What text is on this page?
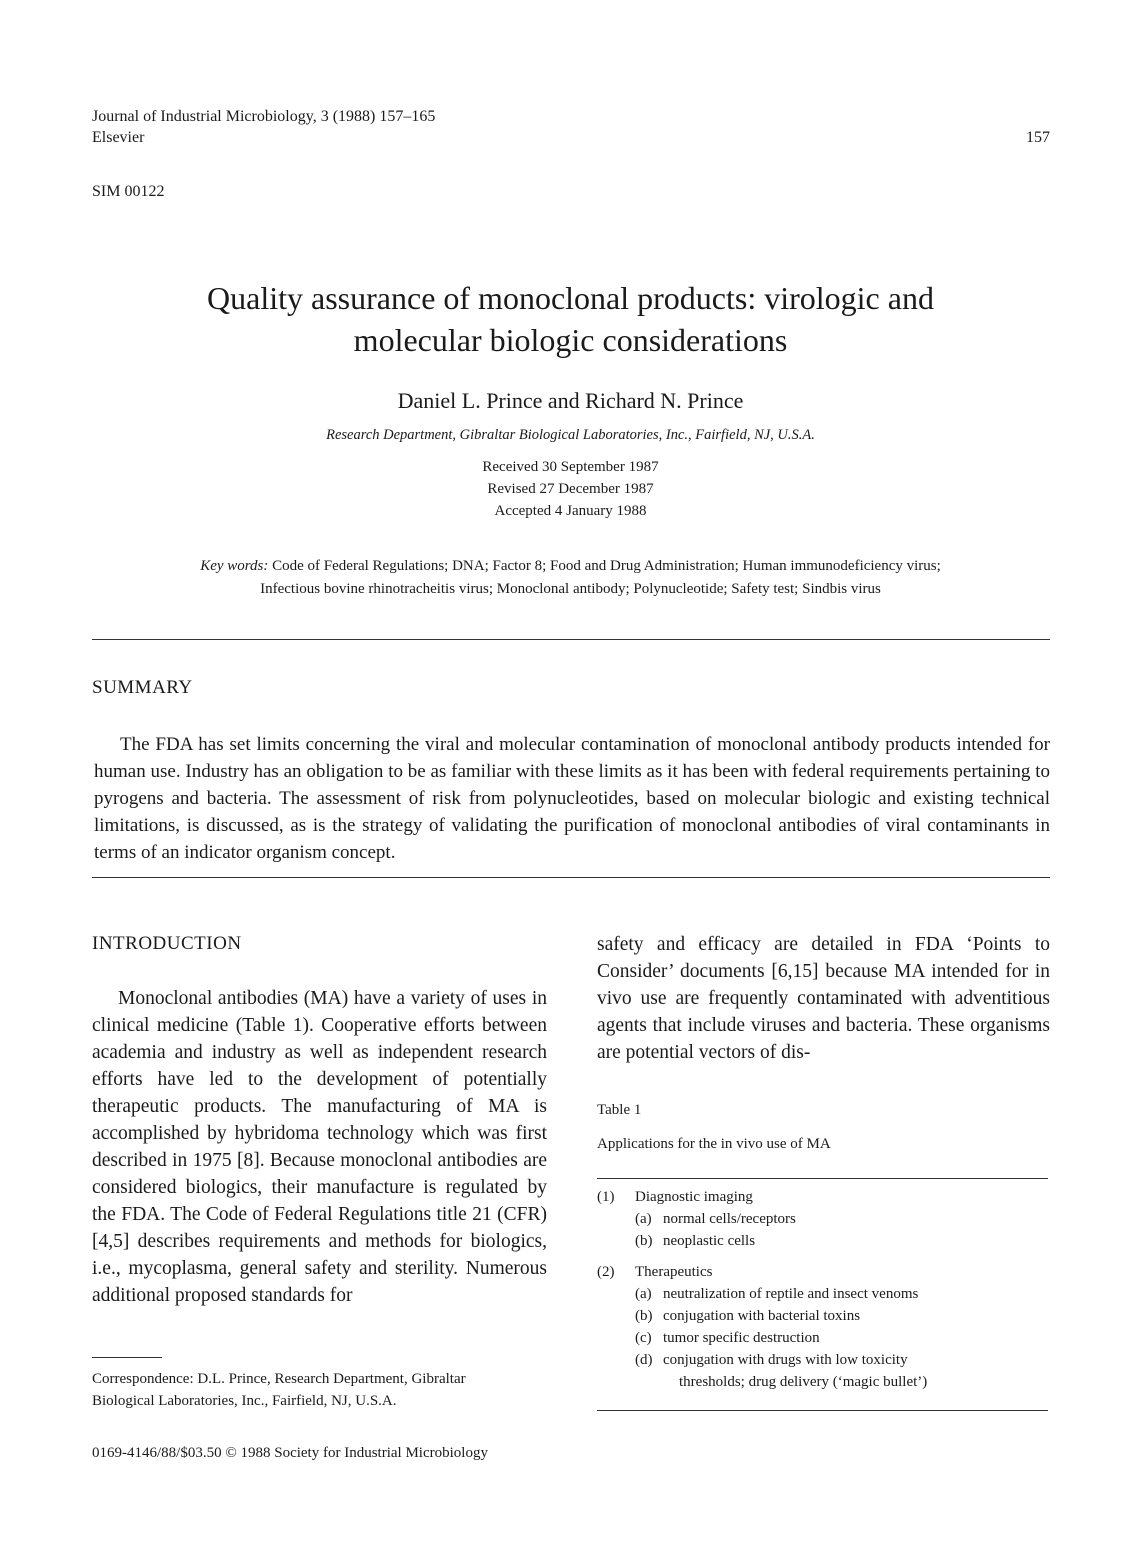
Journal of Industrial Microbiology, 3 (1988) 157–165
Elsevier	157
SIM 00122
Quality assurance of monoclonal products: virologic and
molecular biologic considerations
Daniel L. Prince and Richard N. Prince
Research Department, Gibraltar Biological Laboratories, Inc., Fairfield, NJ, U.S.A.
Received 30 September 1987
Revised 27 December 1987
Accepted 4 January 1988
Key words: Code of Federal Regulations; DNA; Factor 8; Food and Drug Administration; Human immunodeficiency virus;
Infectious bovine rhinotracheitis virus; Monoclonal antibody; Polynucleotide; Safety test; Sindbis virus
SUMMARY

The FDA has set limits concerning the viral and molecular contamination of monoclonal antibody products intended for human use. Industry has an obligation to be as familiar with these limits as it has been with federal requirements pertaining to pyrogens and bacteria. The assessment of risk from polynucleotides, based on molecular biologic and existing technical limitations, is discussed, as is the strategy of validating the purification of monoclonal antibodies of viral contaminants in terms of an indicator organism concept.

INTRODUCTION

Monoclonal antibodies (MA) have a variety of uses in clinical medicine (Table 1). Cooperative efforts between academia and industry as well as independent research efforts have led to the development of potentially therapeutic products. The manufacturing of MA is accomplished by hybridoma technology which was first described in 1975 [8]. Because monoclonal antibodies are considered biologics, their manufacture is regulated by the FDA. The Code of Federal Regulations title 21 (CFR) [4,5] describes requirements and methods for biologics, i.e., mycoplasma, general safety and sterility. Numerous additional proposed standards for

Correspondence: D.L. Prince, Research Department, Gibraltar
Biological Laboratories, Inc., Fairfield, NJ, U.S.A.
0169-4146/88/$03.50 © 1988 Society for Industrial Microbiology

safety and efficacy are detailed in FDA ‘Points to Consider’ documents [6,15] because MA intended for in vivo use are frequently contaminated with adventitious agents that include viruses and bacteria. These organisms are potential vectors of dis-

Table 1
Applications for the in vivo use of MA
(1) Diagnostic imaging
(a) normal cells/receptors
(b) neoplastic cells
(2) Therapeutics
(a) neutralization of reptile and insect venoms
(b) conjugation with bacterial toxins
(c) tumor specific destruction
(d) conjugation with drugs with low toxicity
thresholds; drug delivery (‘magic bullet’)
